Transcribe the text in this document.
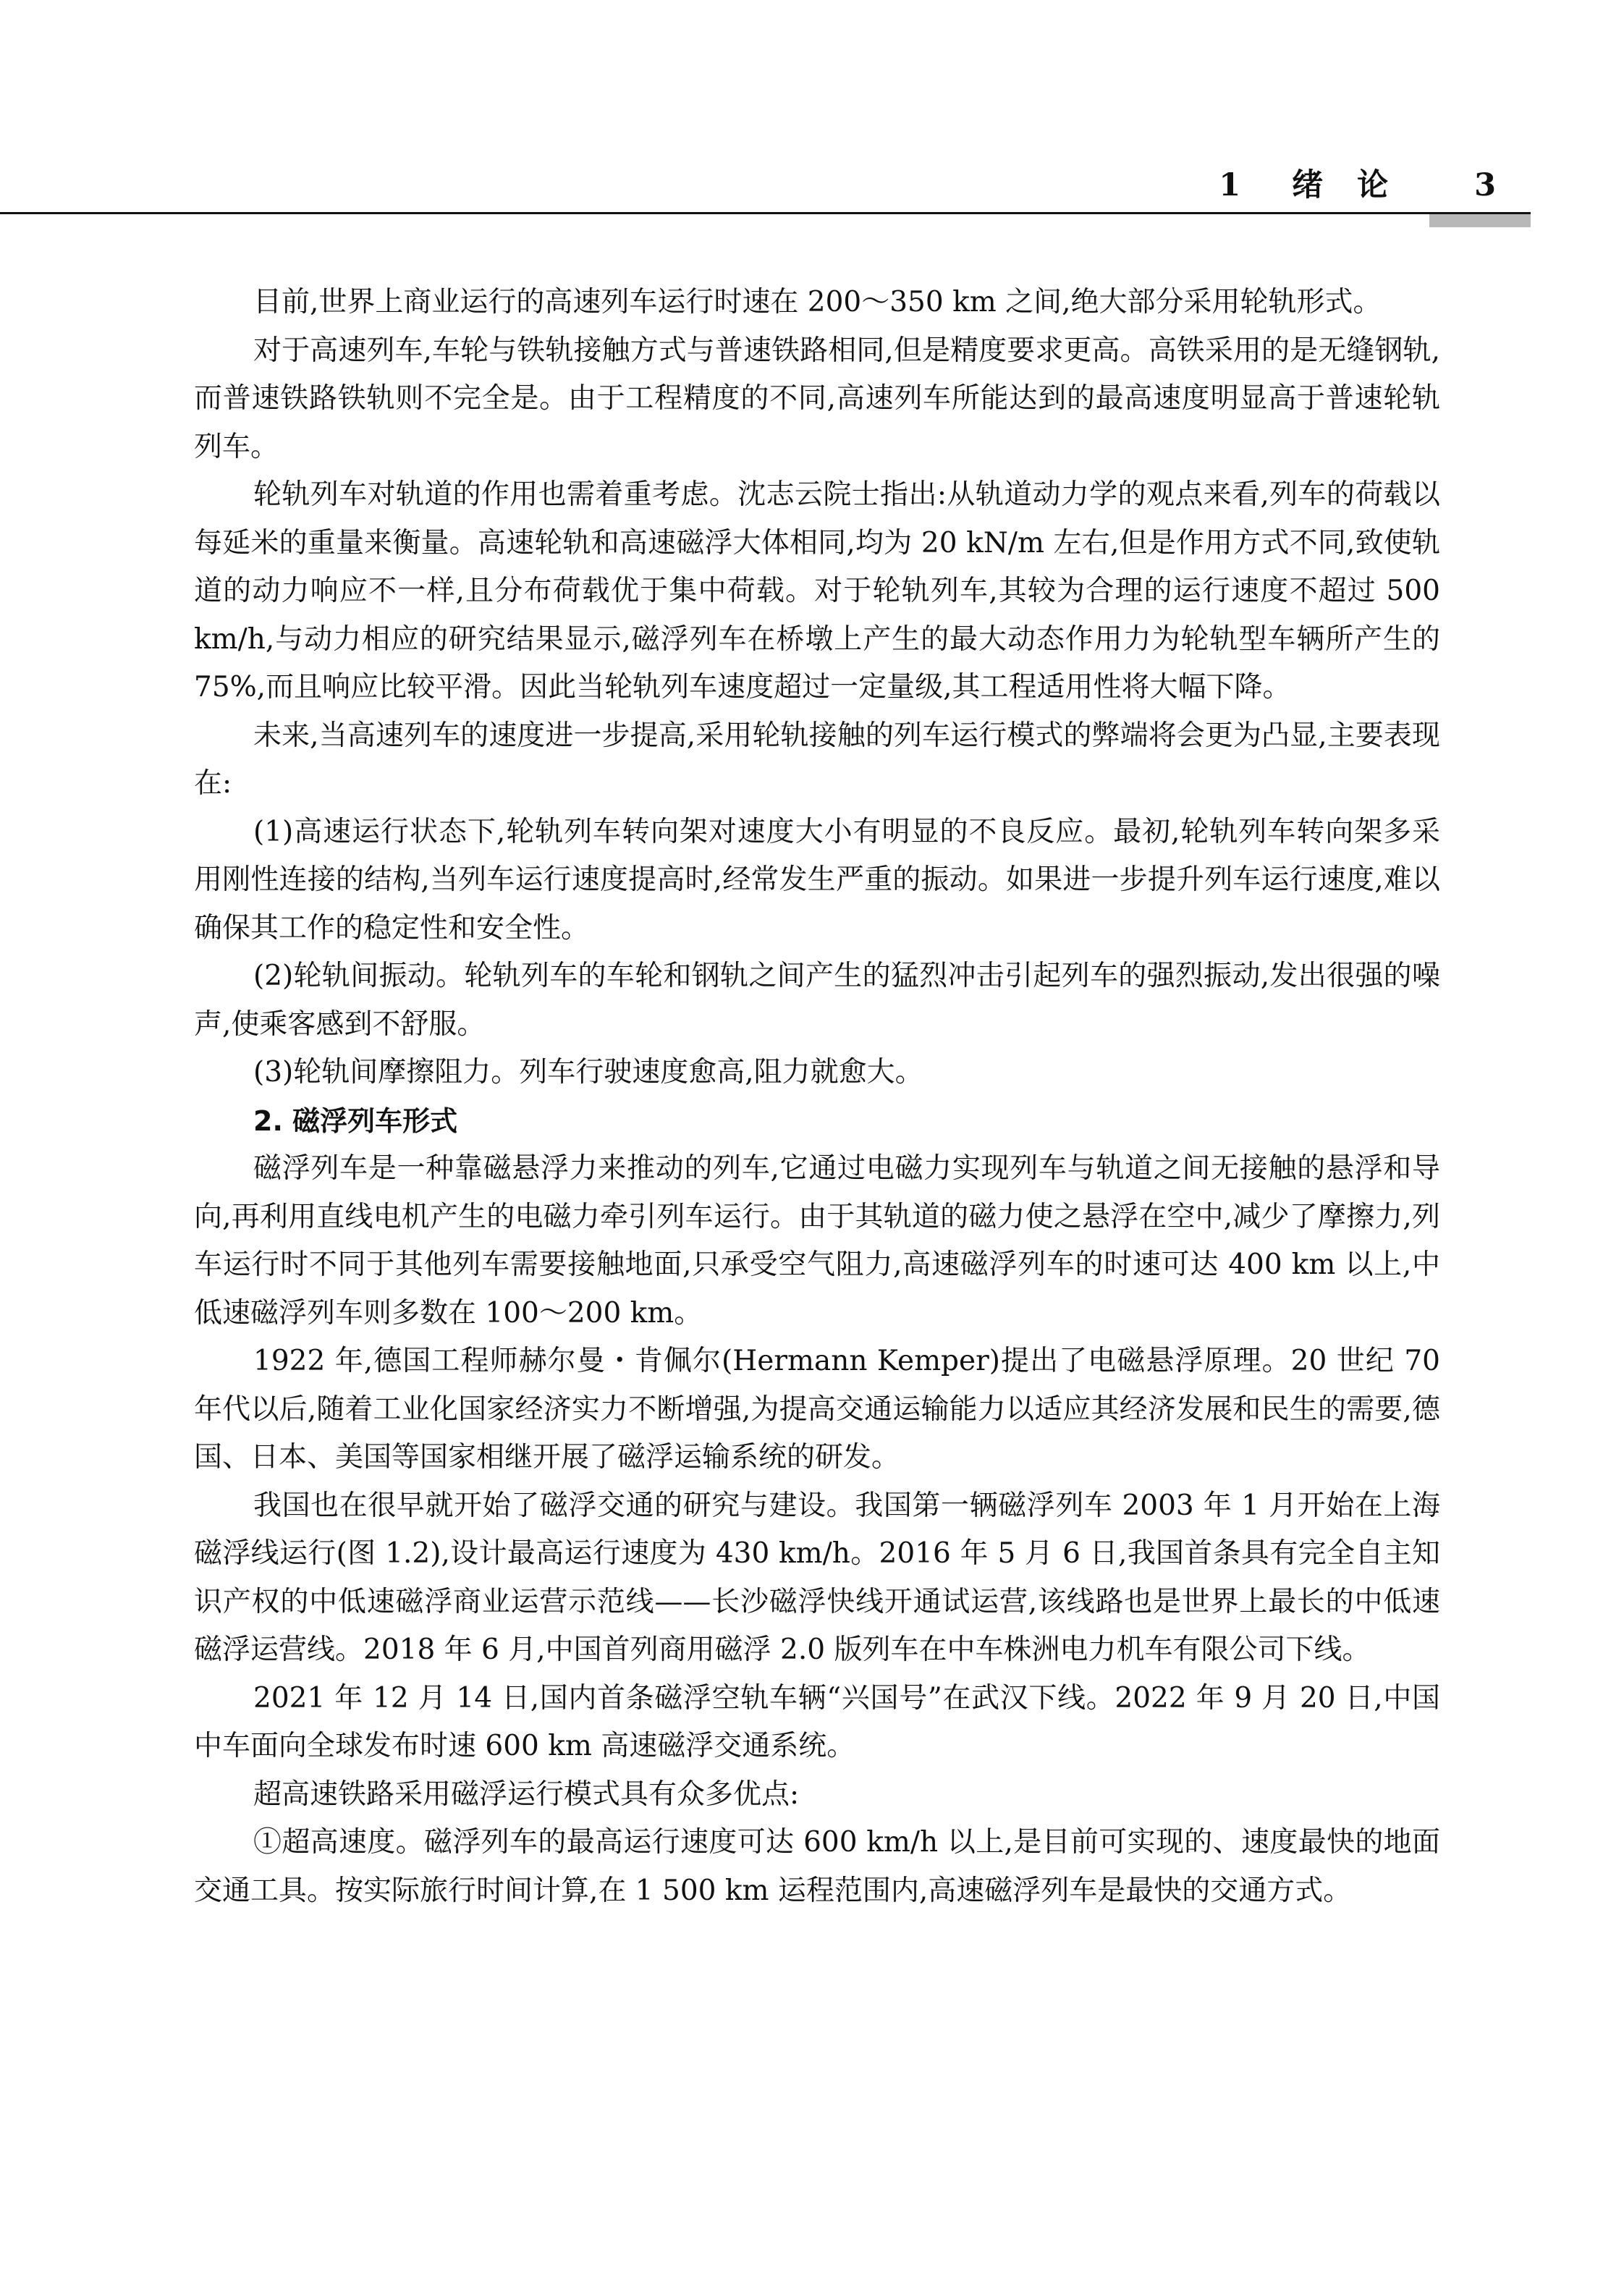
1 绪　论	3

目前,世界上商业运行的高速列车运行时速在 200～350 km 之间,绝大部分采用轮轨形式。

对于高速列车,车轮与铁轨接触方式与普速铁路相同,但是精度要求更高。高铁采用的是无缝钢轨,而普速铁路铁轨则不完全是。由于工程精度的不同,高速列车所能达到的最高速度明显高于普速轮轨列车。

轮轨列车对轨道的作用也需着重考虑。沈志云院士指出:从轨道动力学的观点来看,列车的荷载以每延米的重量来衡量。高速轮轨和高速磁浮大体相同,均为 20 kN/m 左右,但是作用方式不同,致使轨道的动力响应不一样,且分布荷载优于集中荷载。对于轮轨列车,其较为合理的运行速度不超过 500 km/h,与动力相应的研究结果显示,磁浮列车在桥墩上产生的最大动态作用力为轮轨型车辆所产生的 75%,而且响应比较平滑。因此当轮轨列车速度超过一定量级,其工程适用性将大幅下降。

未来,当高速列车的速度进一步提高,采用轮轨接触的列车运行模式的弊端将会更为凸显,主要表现在:

(1)高速运行状态下,轮轨列车转向架对速度大小有明显的不良反应。最初,轮轨列车转向架多采用刚性连接的结构,当列车运行速度提高时,经常发生严重的振动。如果进一步提升列车运行速度,难以确保其工作的稳定性和安全性。

(2)轮轨间振动。轮轨列车的车轮和钢轨之间产生的猛烈冲击引起列车的强烈振动,发出很强的噪声,使乘客感到不舒服。

(3)轮轨间摩擦阻力。列车行驶速度愈高,阻力就愈大。

2. 磁浮列车形式

磁浮列车是一种靠磁悬浮力来推动的列车,它通过电磁力实现列车与轨道之间无接触的悬浮和导向,再利用直线电机产生的电磁力牵引列车运行。由于其轨道的磁力使之悬浮在空中,减少了摩擦力,列车运行时不同于其他列车需要接触地面,只承受空气阻力,高速磁浮列车的时速可达 400 km 以上,中低速磁浮列车则多数在 100～200 km。

1922 年,德国工程师赫尔曼・肯佩尔(Hermann Kemper)提出了电磁悬浮原理。20 世纪 70 年代以后,随着工业化国家经济实力不断增强,为提高交通运输能力以适应其经济发展和民生的需要,德国、日本、美国等国家相继开展了磁浮运输系统的研发。

我国也在很早就开始了磁浮交通的研究与建设。我国第一辆磁浮列车 2003 年 1 月开始在上海磁浮线运行(图 1.2),设计最高运行速度为 430 km/h。2016 年 5 月 6 日,我国首条具有完全自主知识产权的中低速磁浮商业运营示范线——长沙磁浮快线开通试运营,该线路也是世界上最长的中低速磁浮运营线。2018 年 6 月,中国首列商用磁浮 2.0 版列车在中车株洲电力机车有限公司下线。

2021 年 12 月 14 日,国内首条磁浮空轨车辆“兴国号”在武汉下线。2022 年 9 月 20 日,中国中车面向全球发布时速 600 km 高速磁浮交通系统。

超高速铁路采用磁浮运行模式具有众多优点:

①超高速度。磁浮列车的最高运行速度可达 600 km/h 以上,是目前可实现的、速度最快的地面交通工具。按实际旅行时间计算,在 1 500 km 运程范围内,高速磁浮列车是最快的交通方式。
